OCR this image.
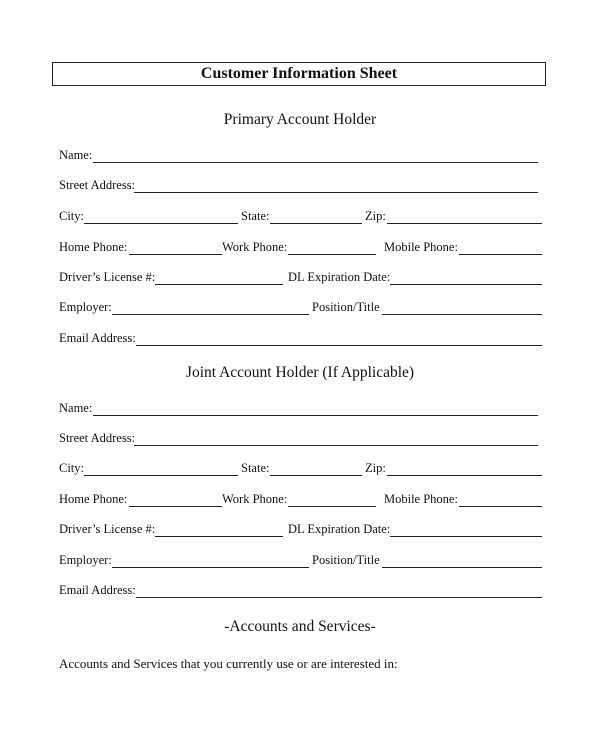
Customer Information Sheet
Primary Account Holder
Name:
Street Address:
City:	State:	Zip:
Home Phone:	Work Phone:	Mobile Phone:
Driver’s License #:	DL Expiration Date:
Employer:	Position/Title
Email Address:
Joint Account Holder (If Applicable)
Name:
Street Address:
City:	State:	Zip:
Home Phone:	Work Phone:	Mobile Phone:
Driver’s License #:	DL Expiration Date:
Employer:	Position/Title
Email Address:
-Accounts and Services-
Accounts and Services that you currently use or are interested in:
